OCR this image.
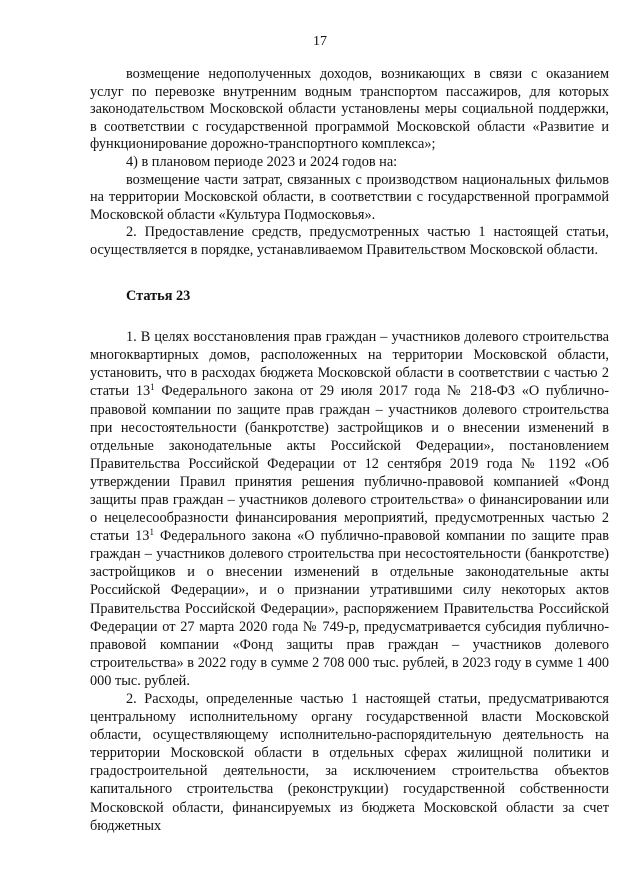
17

возмещение недополученных доходов, возникающих в связи с оказанием услуг по перевозке внутренним водным транспортом пассажиров, для которых законодательством Московской области установлены меры социальной поддержки, в соответствии с государственной программой Московской области «Развитие и функционирование дорожно-транспортного комплекса»;

4) в плановом периоде 2023 и 2024 годов на:

возмещение части затрат, связанных с производством национальных фильмов на территории Московской области, в соответствии с государственной программой Московской области «Культура Подмосковья».

2. Предоставление средств, предусмотренных частью 1 настоящей статьи, осуществляется в порядке, устанавливаемом Правительством Московской области.

Статья 23

1. В целях восстановления прав граждан – участников долевого строительства многоквартирных домов, расположенных на территории Московской области, установить, что в расходах бюджета Московской области в соответствии с частью 2 статьи $13^1$ Федерального закона от 29 июля 2017 года № 218-ФЗ «О публично-правовой компании по защите прав граждан – участников долевого строительства при несостоятельности (банкротстве) застройщиков и о внесении изменений в отдельные законодательные акты Российской Федерации», постановлением Правительства Российской Федерации от 12 сентября 2019 года № 1192 «Об утверждении Правил принятия решения публично-правовой компанией «Фонд защиты прав граждан – участников долевого строительства» о финансировании или о нецелесообразности финансирования мероприятий, предусмотренных частью 2 статьи $13^1$ Федерального закона «О публично-правовой компании по защите прав граждан – участников долевого строительства при несостоятельности (банкротстве) застройщиков и о внесении изменений в отдельные законодательные акты Российской Федерации», и о признании утратившими силу некоторых актов Правительства Российской Федерации», распоряжением Правительства Российской Федерации от 27 марта 2020 года № 749-р, предусматривается субсидия публично-правовой компании «Фонд защиты прав граждан – участников долевого строительства» в 2022 году в сумме 2 708 000 тыс. рублей, в 2023 году в сумме 1 400 000 тыс. рублей.

2. Расходы, определенные частью 1 настоящей статьи, предусматриваются центральному исполнительному органу государственной власти Московской области, осуществляющему исполнительно-распорядительную деятельность на территории Московской области в отдельных сферах жилищной политики и градостроительной деятельности, за исключением строительства объектов капитального строительства (реконструкции) государственной собственности Московской области, финансируемых из бюджета Московской области за счет бюджетных
